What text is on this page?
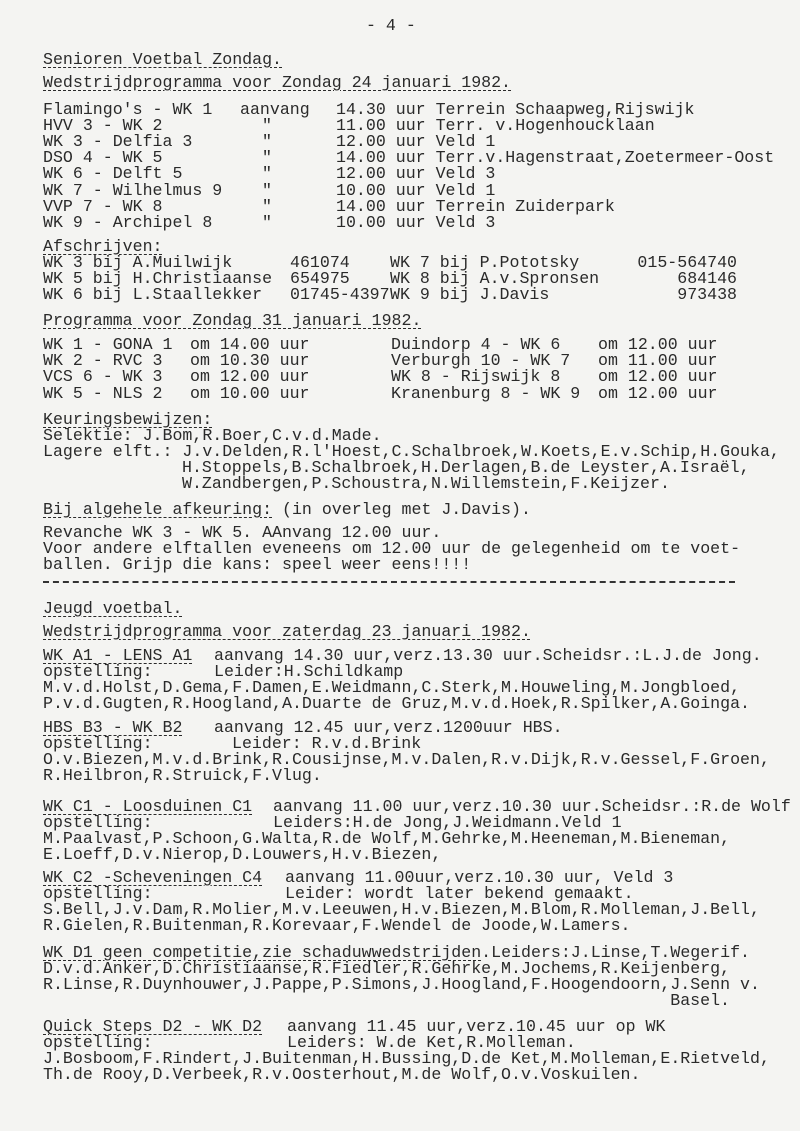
- 4 -
Senioren Voetbal Zondag.
Wedstrijdprogramma voor Zondag 24 januari 1982.
Flamingo's - WK 1 aanvang 14.30 uur Terrein Schaapweg,Rijswijk
HVV 3 - WK 2	"	11.00 uur Terr. v.Hogenhoucklaan
WK 3 - Delfia 3	"	12.00 uur Veld 1
DSO 4 - WK 5	"	14.00 uur Terr.v.Hagenstraat,Zoetermeer-Oost
WK 6 - Delft 5	"	12.00 uur Veld 3
WK 7 - Wilhelmus 9 "	10.00 uur Veld 1
VVP 7 - WK 8	"	14.00 uur Terrein Zuiderpark
WK 9 - Archipel 8	"	10.00 uur Veld 3
Afschrijven:
WK 3 bij A.Muilwijk	461074 WK 7 bij P.Pototsky	015-564740
WK 5 bij H.Christiaanse 654975 WK 8 bij A.v.Spronsen	684146
WK 6 bij L.Staallekker 01745-4397 WK 9 bij J.Davis	973438
Programma voor Zondag 31 januari 1982.
WK 1 - GONA 1 om 14.00 uur	Duindorp 4 - WK 6 om 12.00 uur
WK 2 - RVC 3 om 10.30 uur	Verburgh 10 - WK 7 om 11.00 uur
VCS 6 - WK 3 om 12.00 uur	WK 8 - Rijswijk 8 om 12.00 uur
WK 5 - NLS 2 om 10.00 uur	Kranenburg 8 - WK 9 om 12.00 uur
Keuringsbewijzen:
Selektie: J.Bom,R.Boer,C.v.d.Made.
Lagere elft.: J.v.Delden,R.l'Hoest,C.Schalbroek,W.Koets,E.v.Schip,H.Gouka,
H.Stoppels,B.Schalbroek,H.Derlagen,B.de Leyster,A.Israël,
W.Zandbergen,P.Schoustra,N.Willemstein,F.Keijzer.
Bij algehele afkeuring: (in overleg met J.Davis).
Revanche WK 3 - WK 5. AAnvang 12.00 uur.
Voor andere elftallen eveneens om 12.00 uur de gelegenheid om te voet-
ballen. Grijp die kans: speel weer eens!!!!
Jeugd voetbal.
Wedstrijdprogramma voor zaterdag 23 januari 1982.
WK A1 - LENS A1 aanvang 14.30 uur,verz.13.30 uur.Scheidsr.:L.J.de Jong.
opstelling:	Leider:H.Schildkamp
M.v.d.Holst,D.Gema,F.Damen,E.Weidmann,C.Sterk,M.Houweling,M.Jongbloed,
P.v.d.Gugten,R.Hoogland,A.Duarte de Gruz,M.v.d.Hoek,R.Spilker,A.Goinga.
HBS B3 - WK B2 aanvang 12.45 uur,verz.1200uur HBS.
opstelling:	Leider: R.v.d.Brink
O.v.Biezen,M.v.d.Brink,R.Cousijnse,M.v.Dalen,R.v.Dijk,R.v.Gessel,F.Groen,
R.Heilbron,R.Struick,F.Vlug.
WK C1 - Loosduinen C1 aanvang 11.00 uur,verz.10.30 uur.Scheidsr.:R.de Wolf
opstelling:	Leiders:H.de Jong,J.Weidmann.Veld 1
M.Paalvast,P.Schoon,G.Walta,R.de Wolf,M.Gehrke,M.Heeneman,M.Bieneman,
E.Loeff,D.v.Nierop,D.Louwers,H.v.Biezen,
WK C2 -Scheveningen C4 aanvang 11.00uur,verz.10.30 uur, Veld 3
opstelling:	Leider: wordt later bekend gemaakt.
S.Bell,J.v.Dam,R.Molier,M.v.Leeuwen,H.v.Biezen,M.Blom,R.Molleman,J.Bell,
R.Gielen,R.Buitenman,R.Korevaar,F.Wendel de Joode,W.Lamers.
WK D1 geen competitie,zie schaduwwedstrijden.Leiders:J.Linse,T.Wegerif.
D.v.d.Anker,D.Christiaanse,R.Fiedler,R.Gehrke,M.Jochems,R.Keijenberg,
R.Linse,R.Duynhouwer,J.Pappe,P.Simons,J.Hoogland,F.Hoogendoorn,J.Senn v.
Basel.
Quick Steps D2 - WK D2 aanvang 11.45 uur,verz.10.45 uur op WK
opstelling:	Leiders: W.de Ket,R.Molleman.
J.Bosboom,F.Rindert,J.Buitenman,H.Bussing,D.de Ket,M.Molleman,E.Rietveld,
Th.de Rooy,D.Verbeek,R.v.Oosterhout,M.de Wolf,O.v.Voskuilen.
